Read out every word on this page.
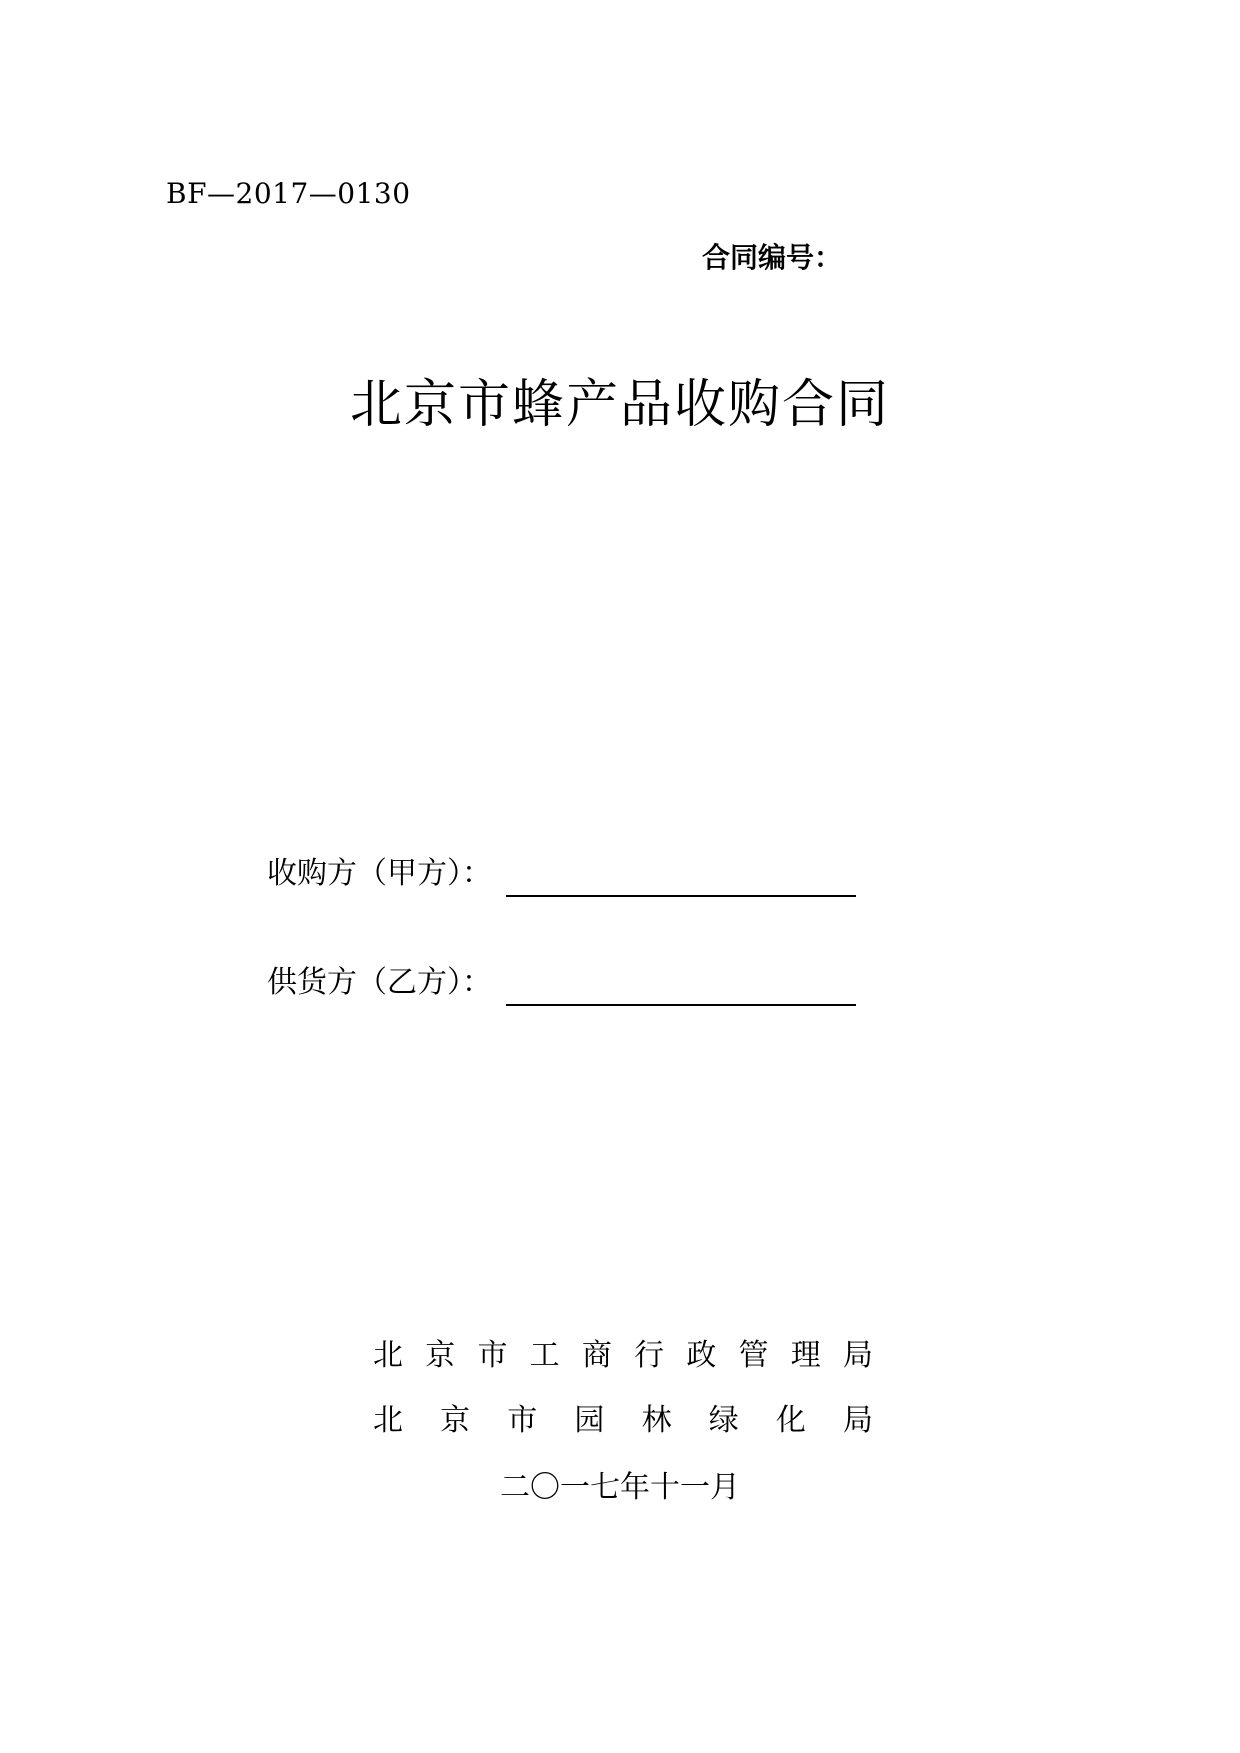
BF—2017—0130
合同编号：
北京市蜂产品收购合同
收购方（甲方）：
供货方（乙方）：
北 京 市 工 商 行 政 管 理 局
北 京 市 园 林 绿 化 局
二〇一七年十一月
